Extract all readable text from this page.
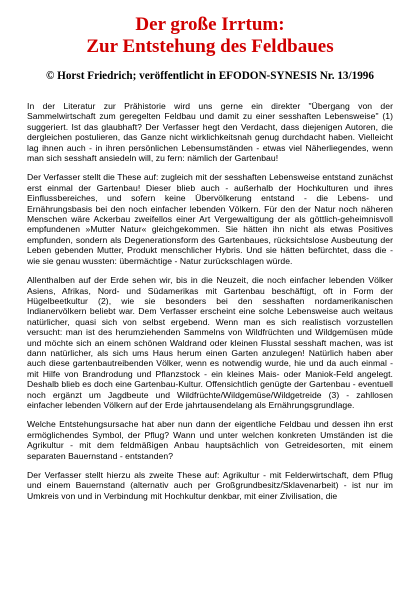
Der große Irrtum:
Zur Entstehung des Feldbaues
© Horst Friedrich; veröffentlicht in EFODON-SYNESIS Nr. 13/1996

In der Literatur zur Prähistorie wird uns gerne ein direkter "Übergang von der Sammelwirtschaft zum geregelten Feldbau und damit zu einer sesshaften Lebensweise" (1) suggeriert. Ist das glaubhaft? Der Verfasser hegt den Verdacht, dass diejenigen Autoren, die dergleichen postulieren, das Ganze nicht wirklichkeitsnah genug durchdacht haben. Vielleicht lag ihnen auch - in ihren persönlichen Lebensumständen - etwas viel Näherliegendes, wenn man sich sesshaft ansiedeln will, zu fern: nämlich der Gartenbau!

Der Verfasser stellt die These auf: zugleich mit der sesshaften Lebensweise entstand zunächst erst einmal der Gartenbau! Dieser blieb auch - außerhalb der Hochkulturen und ihres Einflussbereiches, und sofern keine Übervölkerung entstand - die Lebens- und Ernährungsbasis bei den noch einfacher lebenden Völkern. Für den der Natur noch näheren Menschen wäre Ackerbau zweifellos einer Art Vergewaltigung der als göttlich-geheimnisvoll empfundenen »Mutter Natur« gleichgekommen. Sie hätten ihn nicht als etwas Positives empfunden, sondern als Degenerationsform des Gartenbaues, rücksichtslose Ausbeutung der Leben gebenden Mutter, Produkt menschlicher Hybris. Und sie hätten befürchtet, dass die - wie sie genau wussten: übermächtige - Natur zurückschlagen würde.

Allenthalben auf der Erde sehen wir, bis in die Neuzeit, die noch einfacher lebenden Völker Asiens, Afrikas, Nord- und Südamerikas mit Gartenbau beschäftigt, oft in Form der Hügelbeetkultur (2), wie sie besonders bei den sesshaften nordamerikanischen Indianervölkern beliebt war. Dem Verfasser erscheint eine solche Lebensweise auch weitaus natürlicher, quasi sich von selbst ergebend. Wenn man es sich realistisch vorzustellen versucht: man ist des herumziehenden Sammelns von Wildfrüchten und Wildgemüsen müde und möchte sich an einem schönen Waldrand oder kleinen Flusstal sesshaft machen, was ist dann natürlicher, als sich ums Haus herum einen Garten anzulegen! Natürlich haben aber auch diese gartenbautreibenden Völker, wenn es notwendig wurde, hie und da auch einmal - mit Hilfe von Brandrodung und Pflanzstock - ein kleines Mais- oder Maniok-Feld angelegt. Deshalb blieb es doch eine Gartenbau-Kultur. Offensichtlich genügte der Gartenbau - eventuell noch ergänzt um Jagdbeute und Wildfrüchte/Wildgemüse/Wildgetreide (3) - zahllosen einfacher lebenden Völkern auf der Erde jahrtausendelang als Ernährungsgrundlage.

Welche Entstehungsursache hat aber nun dann der eigentliche Feldbau und dessen ihn erst ermöglichendes Symbol, der Pflug? Wann und unter welchen konkreten Umständen ist die Agrikultur - mit dem feldmäßigen Anbau hauptsächlich von Getreidesorten, mit einem separaten Bauernstand - entstanden?

Der Verfasser stellt hierzu als zweite These auf: Agrikultur - mit Felderwirtschaft, dem Pflug und einem Bauernstand (alternativ auch per Großgrundbesitz/Sklavenarbeit) - ist nur im Umkreis von und in Verbindung mit Hochkultur denkbar, mit einer Zivilisation, die
